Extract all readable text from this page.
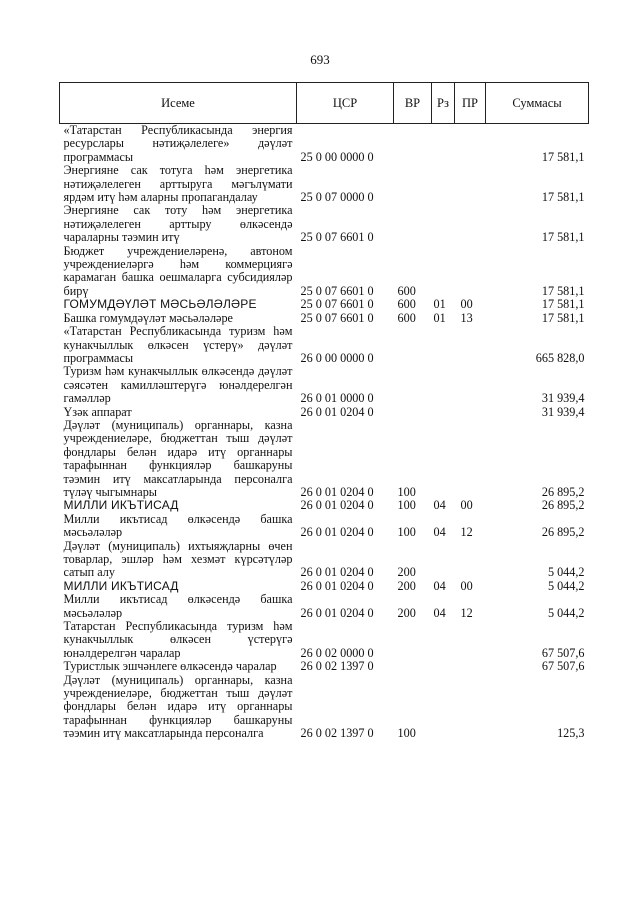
693
Исеме	ЦСР	ВР	Рз	ПР	Суммасы
«Татарстан Республикасында энергия ресурслары нәтиҗәлелеге» дәүләт программасы	25 0 00 0000 0				17 581,1
Энергияне сак тотуга һәм энергетика нәтиҗәлелеген арттыруга мәгълүмати ярдәм итү һәм аларны пропагандалау	25 0 07 0000 0				17 581,1
Энергияне сак тоту һәм энергетика нәтиҗәлелеген арттыру өлкәсендә чараларны тәэмин итү	25 0 07 6601 0				17 581,1
Бюджет учреждениеләренә, автоном учреждениеләргә һәм коммерциягә карамаган башка оешмаларга субсидияләр бирү	25 0 07 6601 0	600			17 581,1
ГОМУМДӘҮЛӘТ МӘСЬӘЛӘЛӘРЕ	25 0 07 6601 0	600	01	00	17 581,1
Башка гомумдәүләт мәсьәләләре	25 0 07 6601 0	600	01	13	17 581,1
«Татарстан Республикасында туризм һәм кунакчыллык өлкәсен үстерү» дәүләт программасы	26 0 00 0000 0				665 828,0
Туризм һәм кунакчыллык өлкәсендә дәүләт сәясәтен камилләштерүгә юнәлдерелгән гамәлләр	26 0 01 0000 0				31 939,4
Үзәк аппарат	26 0 01 0204 0				31 939,4
Дәүләт (муниципаль) органнары, казна учреждениеләре, бюджеттан тыш дәүләт фондлары белән идарә итү органнары тарафыннан функцияләр башкаруны тәэмин итү максатларында персоналга түләү чыгымнары	26 0 01 0204 0	100			26 895,2
МИЛЛИ ИКЪТИСАД	26 0 01 0204 0	100	04	00	26 895,2
Милли икътисад өлкәсендә башка мәсьәләләр	26 0 01 0204 0	100	04	12	26 895,2
Дәүләт (муниципаль) ихтыяҗларны өчен товарлар, эшләр һәм хезмәт күрсәтүләр сатып алу	26 0 01 0204 0	200			5 044,2
МИЛЛИ ИКЪТИСАД	26 0 01 0204 0	200	04	00	5 044,2
Милли икътисад өлкәсендә башка мәсьәләләр	26 0 01 0204 0	200	04	12	5 044,2
Татарстан Республикасында туризм һәм кунакчыллык өлкәсен үстерүгә юнәлдерелгән чаралар	26 0 02 0000 0				67 507,6
Туристлык эшчәнлеге өлкәсендә чаралар	26 0 02 1397 0				67 507,6
Дәүләт (муниципаль) органнары, казна учреждениеләре, бюджеттан тыш дәүләт фондлары белән идарә итү органнары тарафыннан функцияләр башкаруны тәэмин итү максатларында персоналга	26 0 02 1397 0	100			125,3
